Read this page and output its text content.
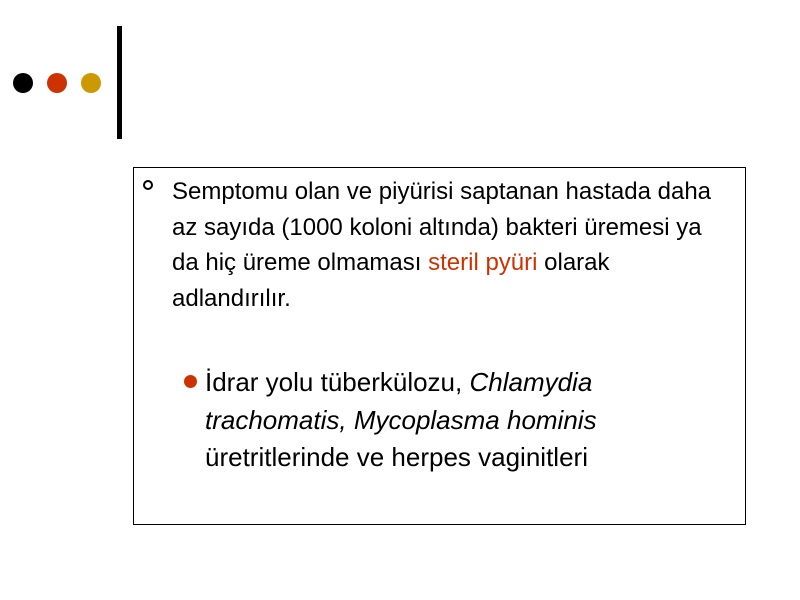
Semptomu olan ve piyürisi saptanan hastada daha az sayıda (1000 koloni altında) bakteri üremesi ya da hiç üreme olmaması steril pyüri olarak adlandırılır.

İdrar yolu tüberkülozu, Chlamydia trachomatis, Mycoplasma hominis üretritlerinde ve herpes vaginitleri
